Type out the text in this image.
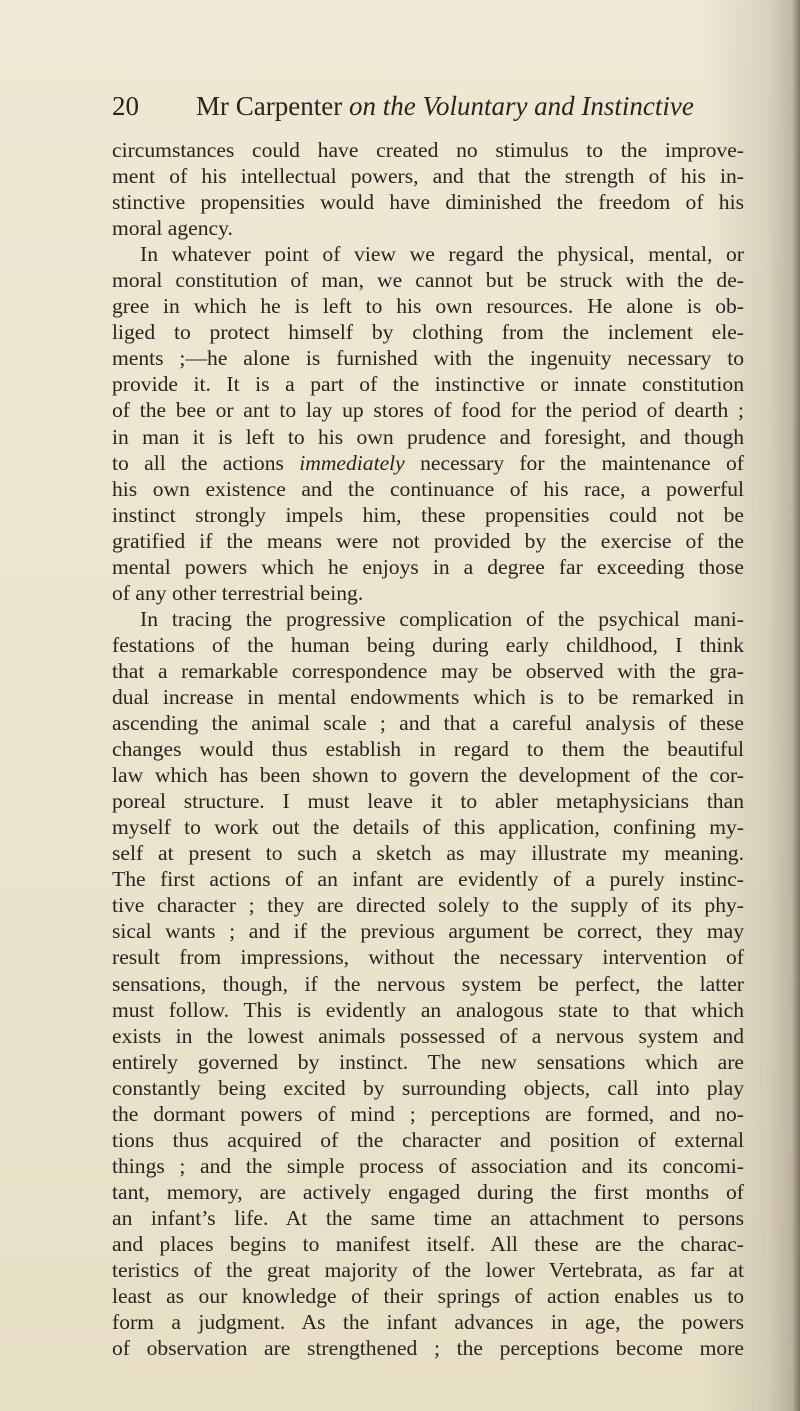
20 Mr Carpenter on the Voluntary and Instinctive
circumstances could have created no stimulus to the improve-
ment of his intellectual powers, and that the strength of his in-
stinctive propensities would have diminished the freedom of his
moral agency.
In whatever point of view we regard the physical, mental, or
moral constitution of man, we cannot but be struck with the de-
gree in which he is left to his own resources. He alone is ob-
liged to protect himself by clothing from the inclement ele-
ments ;—he alone is furnished with the ingenuity necessary to
provide it. It is a part of the instinctive or innate constitution
of the bee or ant to lay up stores of food for the period of dearth ;
in man it is left to his own prudence and foresight, and though
to all the actions immediately necessary for the maintenance of
his own existence and the continuance of his race, a powerful
instinct strongly impels him, these propensities could not be
gratified if the means were not provided by the exercise of the
mental powers which he enjoys in a degree far exceeding those
of any other terrestrial being.
In tracing the progressive complication of the psychical mani-
festations of the human being during early childhood, I think
that a remarkable correspondence may be observed with the gra-
dual increase in mental endowments which is to be remarked in
ascending the animal scale ; and that a careful analysis of these
changes would thus establish in regard to them the beautiful
law which has been shown to govern the development of the cor-
poreal structure. I must leave it to abler metaphysicians than
myself to work out the details of this application, confining my-
self at present to such a sketch as may illustrate my meaning.
The first actions of an infant are evidently of a purely instinc-
tive character ; they are directed solely to the supply of its phy-
sical wants ; and if the previous argument be correct, they may
result from impressions, without the necessary intervention of
sensations, though, if the nervous system be perfect, the latter
must follow. This is evidently an analogous state to that which
exists in the lowest animals possessed of a nervous system and
entirely governed by instinct. The new sensations which are
constantly being excited by surrounding objects, call into play
the dormant powers of mind ; perceptions are formed, and no-
tions thus acquired of the character and position of external
things ; and the simple process of association and its concomi-
tant, memory, are actively engaged during the first months of
an infant’s life. At the same time an attachment to persons
and places begins to manifest itself. All these are the charac-
teristics of the great majority of the lower Vertebrata, as far at
least as our knowledge of their springs of action enables us to
form a judgment. As the infant advances in age, the powers
of observation are strengthened ; the perceptions become more
